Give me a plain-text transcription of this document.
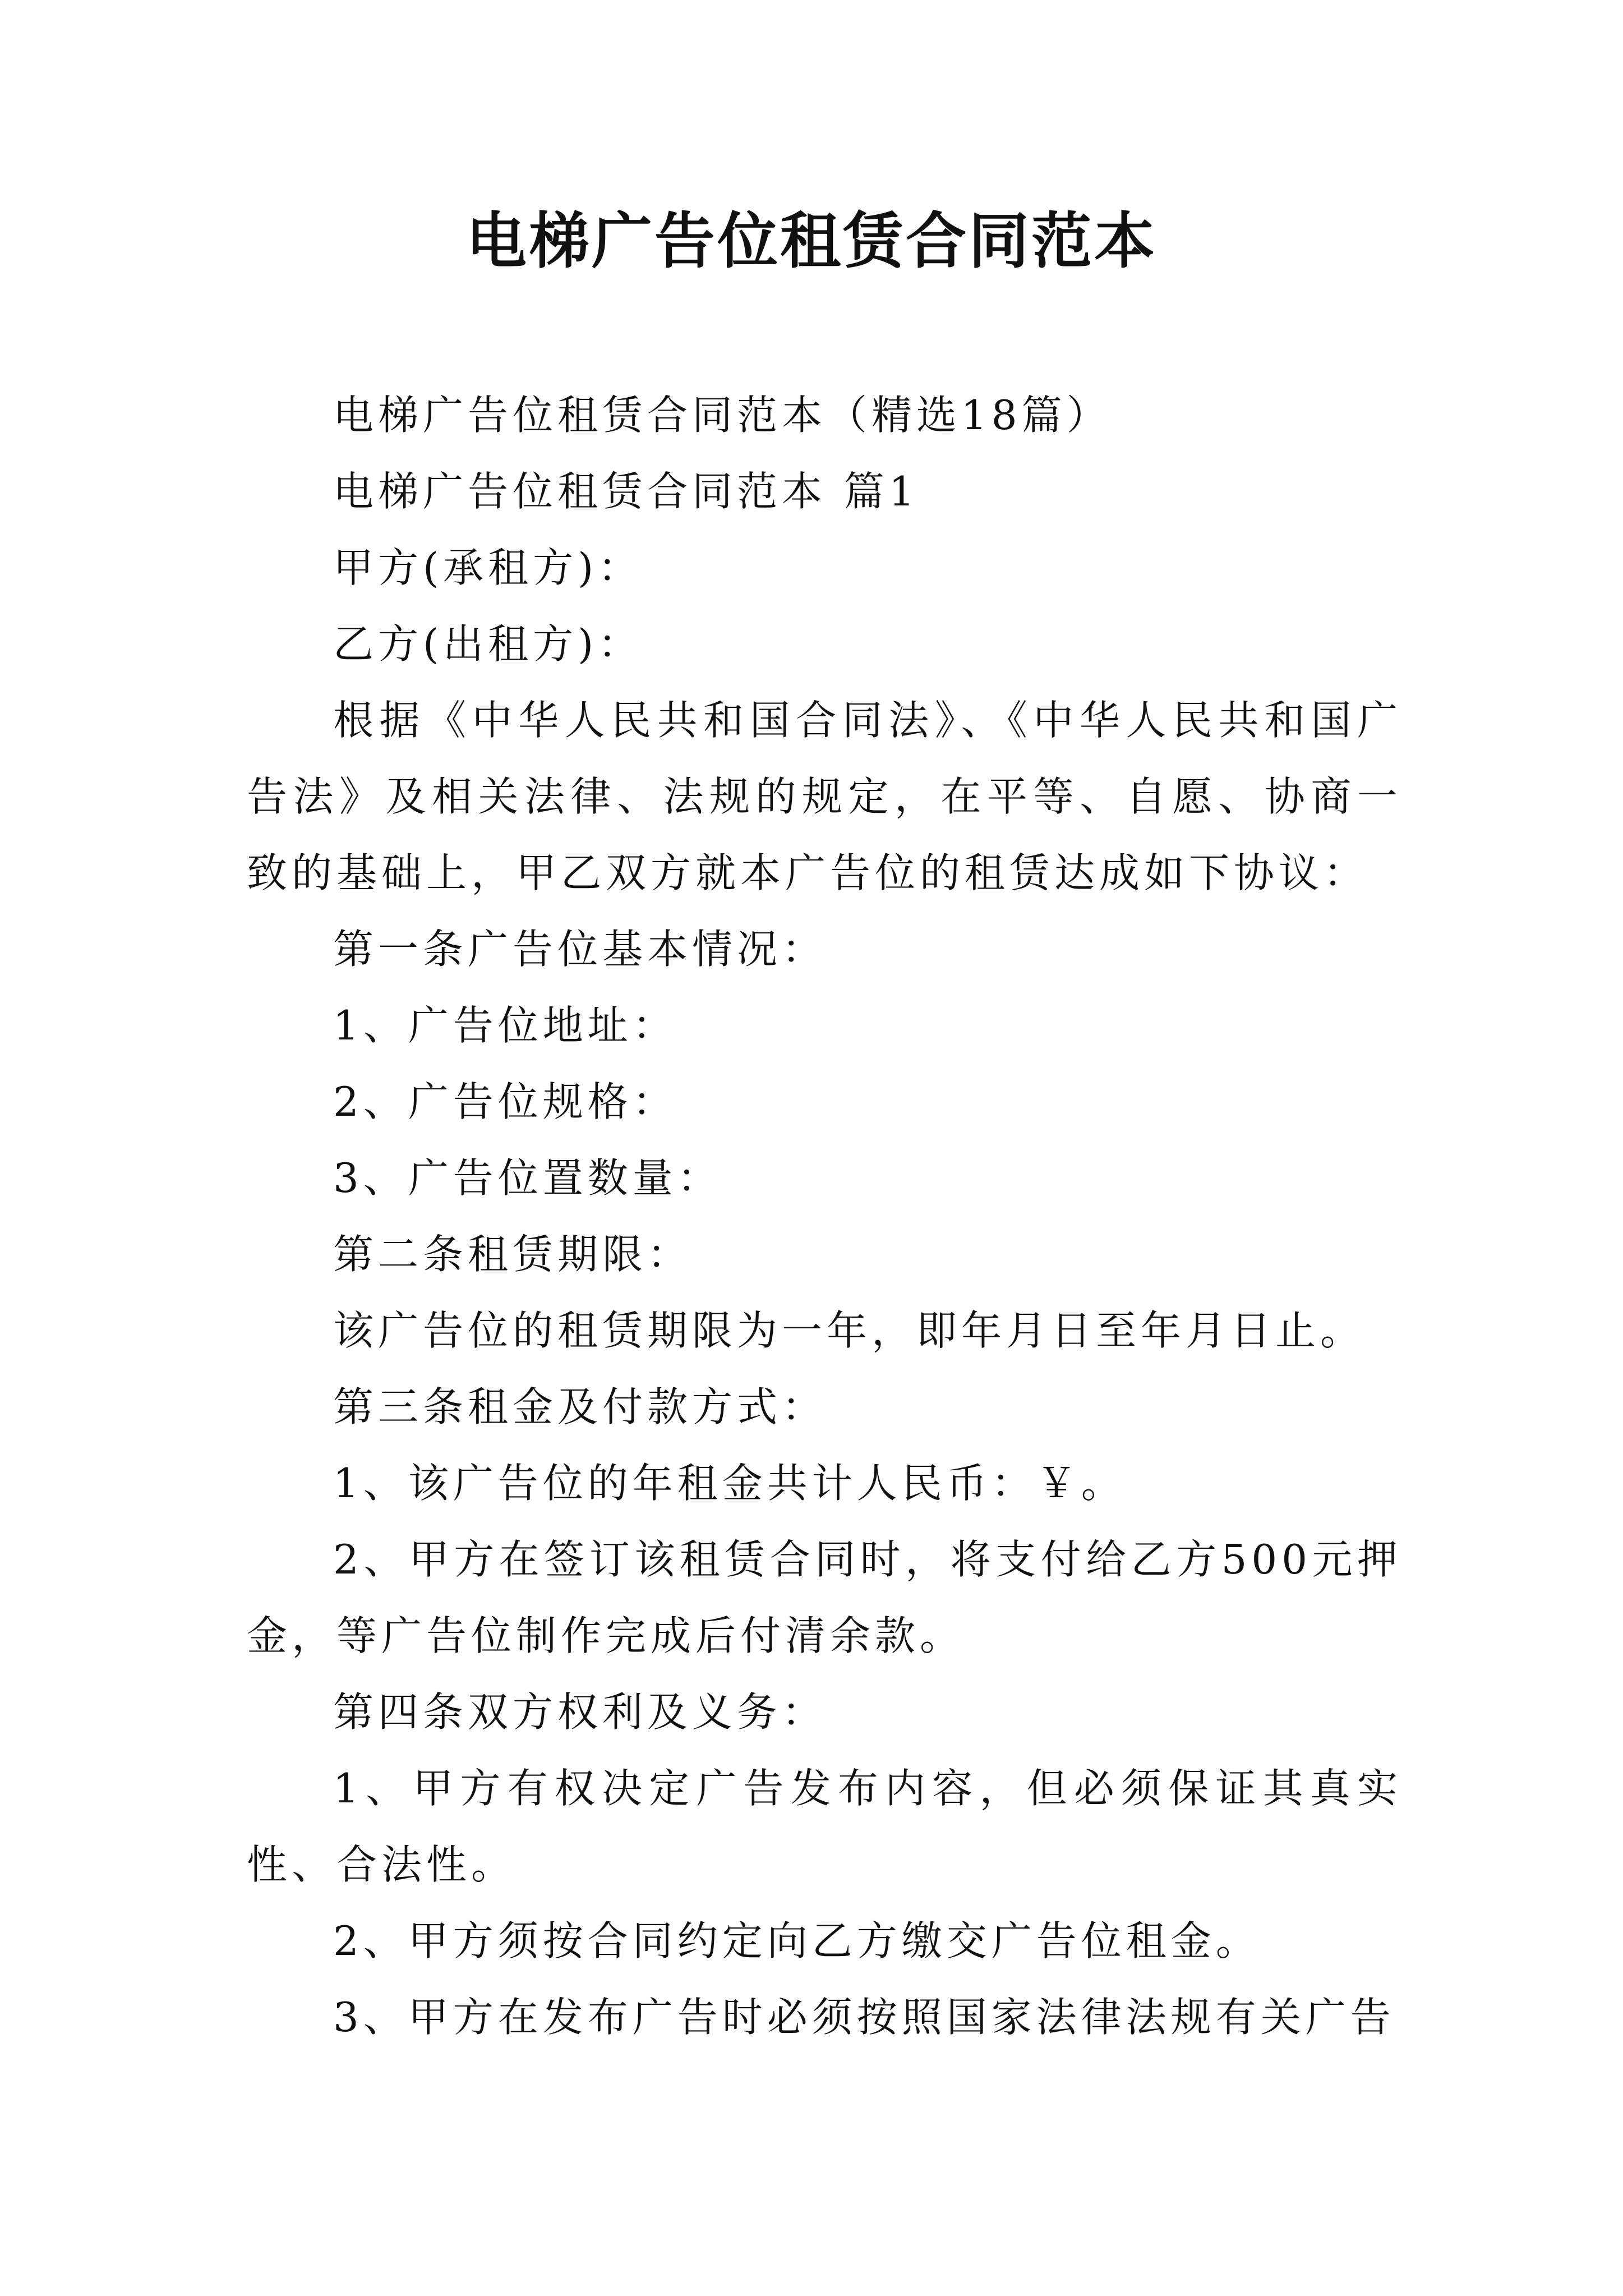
电梯广告位租赁合同范本

电梯广告位租赁合同范本（精选18篇）

电梯广告位租赁合同范本 篇1

甲方(承租方)：

乙方(出租方)：

根据《中华人民共和国合同法》、《中华人民共和国广告法》及相关法律、法规的规定，在平等、自愿、协商一致的基础上，甲乙双方就本广告位的租赁达成如下协议：

第一条广告位基本情况：

1、广告位地址：

2、广告位规格：

3、广告位置数量：

第二条租赁期限：

该广告位的租赁期限为一年，即年月日至年月日止。

第三条租金及付款方式：

1、该广告位的年租金共计人民币：￥。

2、甲方在签订该租赁合同时，将支付给乙方500元押金，等广告位制作完成后付清余款。

第四条双方权利及义务：

1、甲方有权决定广告发布内容，但必须保证其真实性、合法性。

2、甲方须按合同约定向乙方缴交广告位租金。

3、甲方在发布广告时必须按照国家法律法规有关广告
